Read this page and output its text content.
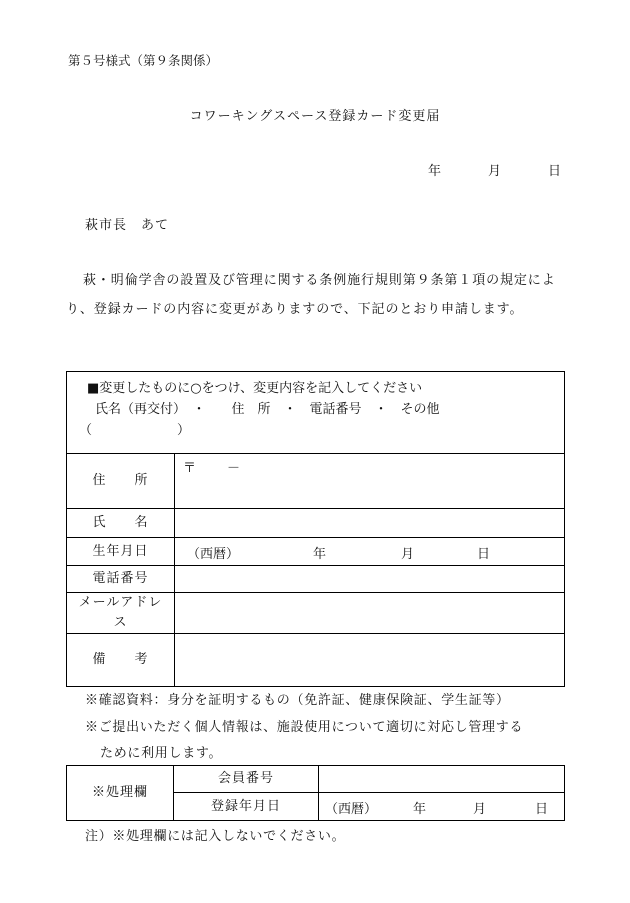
第５号様式（第９条関係）
コワーキングスペース登録カード変更届
年	月	日
萩市長　あて

萩・明倫学舎の設置及び管理に関する条例施行規則第９条第１項の規定により、登録カードの内容に変更がありますので、下記のとおり申請します。

■変更したものに○をつけ、変更内容を記入してください
氏名（再交付）　・　　住　所　・　電話番号　・　その他
（ ）	

住　　所	〒 －

氏　　名	
生年月日	（西暦） 年 月 日

電話番号	

メールアドレ
ス	

備　　考	
※確認資料：身分を証明するもの（免許証、健康保険証、学生証等）
※ご提出いただく個人情報は、施設使用について適切に対応し管理する
ために利用します。
※処理欄	会員番号	
	登録年月日	（西暦） 年 月 日
注）※処理欄には記入しないでください。
